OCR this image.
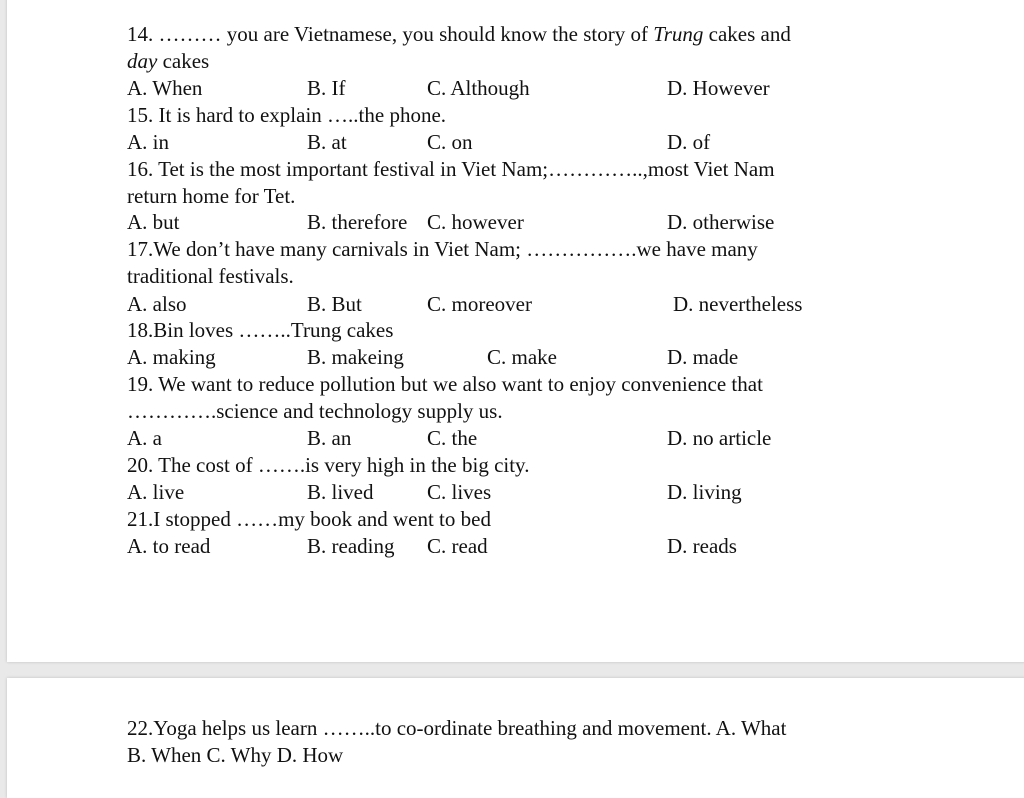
14. ……… you are Vietnamese, you should know the story of Trung cakes and

day cakes

A. When	B. If	C. Although	D. However

15. It is hard to explain …..the phone.

A. in	B. at	C. on	D. of

16. Tet is the most important festival in Viet Nam;…………..,most Viet Nam

return home for Tet.

A. but	B. therefore C. however	D. otherwise

17.We don’t have many carnivals in Viet Nam; …………….we have many

traditional festivals.

A. also	B. But	C. moreover	D. nevertheless

18.Bin loves ……..Trung cakes

A. making	B. makeing	C. make	D. made

19. We want to reduce pollution but we also want to enjoy convenience that

………….science and technology supply us.

A. a	B. an	C. the	D. no article

20. The cost of …….is very high in the big city.

A. live	B. lived	C. lives	D. living

21.I stopped ……my book and went to bed

A. to read	B. reading C. read	D. reads

22.Yoga helps us learn ……..to co-ordinate breathing and movement. A. What

B. When C. Why D. How
